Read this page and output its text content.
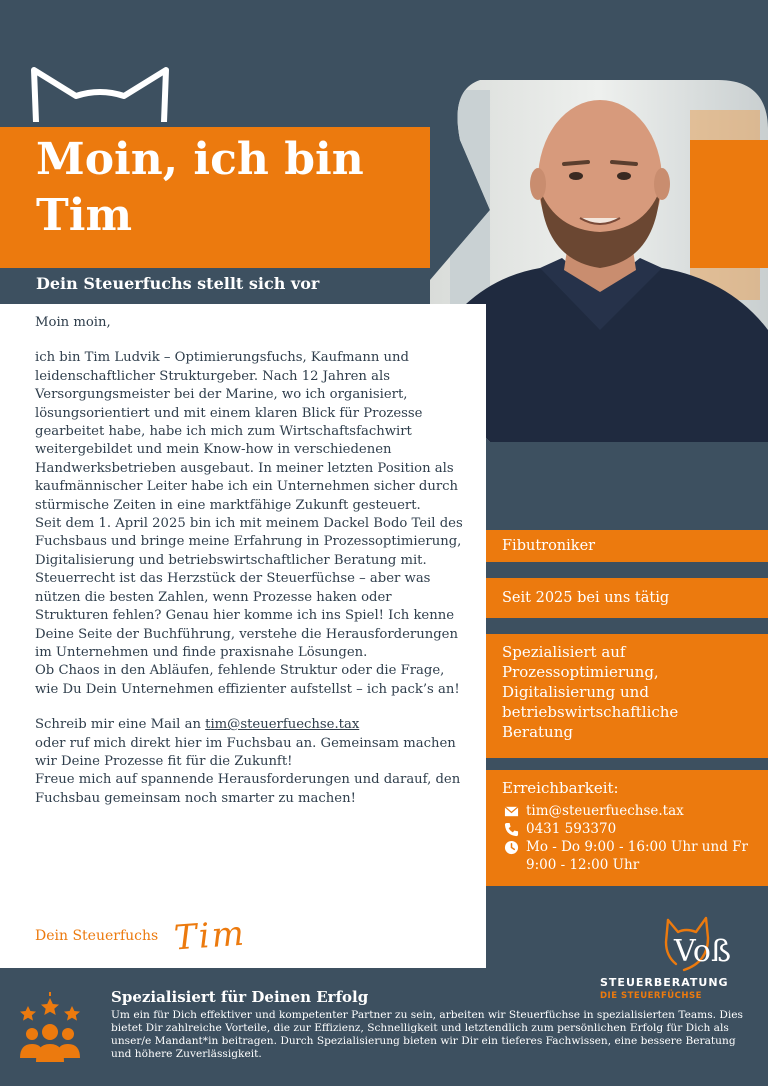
Moin, ich bin Tim
Dein Steuerfuchs stellt sich vor

Moin moin,

ich bin Tim Ludvik – Optimierungsfuchs, Kaufmann und leidenschaftlicher Strukturgeber. Nach 12 Jahren als Versorgungsmeister bei der Marine, wo ich organisiert, lösungsorientiert und mit einem klaren Blick für Prozesse gearbeitet habe, habe ich mich zum Wirtschaftsfachwirt weitergebildet und mein Know-how in verschiedenen Handwerksbetrieben ausgebaut. In meiner letzten Position als kaufmännischer Leiter habe ich ein Unternehmen sicher durch stürmische Zeiten in eine marktfähige Zukunft gesteuert.

Seit dem 1. April 2025 bin ich mit meinem Dackel Bodo Teil des Fuchsbaus und bringe meine Erfahrung in Prozessoptimierung, Digitalisierung und betriebswirtschaftlicher Beratung mit. Steuerrecht ist das Herzstück der Steuerfüchse – aber was nützen die besten Zahlen, wenn Prozesse haken oder Strukturen fehlen? Genau hier komme ich ins Spiel! Ich kenne Deine Seite der Buchführung, verstehe die Herausforderungen im Unternehmen und finde praxisnahe Lösungen.

Ob Chaos in den Abläufen, fehlende Struktur oder die Frage, wie Du Dein Unternehmen effizienter aufstellst – ich pack’s an!

Schreib mir eine Mail an tim@steuerfuechse.tax
oder ruf mich direkt hier im Fuchsbau an. Gemeinsam machen wir Deine Prozesse fit für die Zukunft!

Freue mich auf spannende Herausforderungen und darauf, den Fuchsbau gemeinsam noch smarter zu machen!

Dein Steuerfuchs Tim
Fibutroniker
Seit 2025 bei uns tätig
Spezialisiert auf Prozessoptimierung, Digitalisierung und betriebswirtschaftliche Beratung
Erreichbarkeit:
tim@steuerfuechse.tax
0431 593370
Mo - Do 9:00 - 16:00 Uhr und Fr 9:00 - 12:00 Uhr
Voß
STEUERBERATUNG
DIE STEUERFÜCHSE
Spezialisiert für Deinen Erfolg
Um ein für Dich effektiver und kompetenter Partner zu sein, arbeiten wir Steuerfüchse in spezialisierten Teams. Dies bietet Dir zahlreiche Vorteile, die zur Effizienz, Schnelligkeit und letztendlich zum persönlichen Erfolg für Dich als unser/e Mandant*in beitragen. Durch Spezialisierung bieten wir Dir ein tieferes Fachwissen, eine bessere Beratung und höhere Zuverlässigkeit.
